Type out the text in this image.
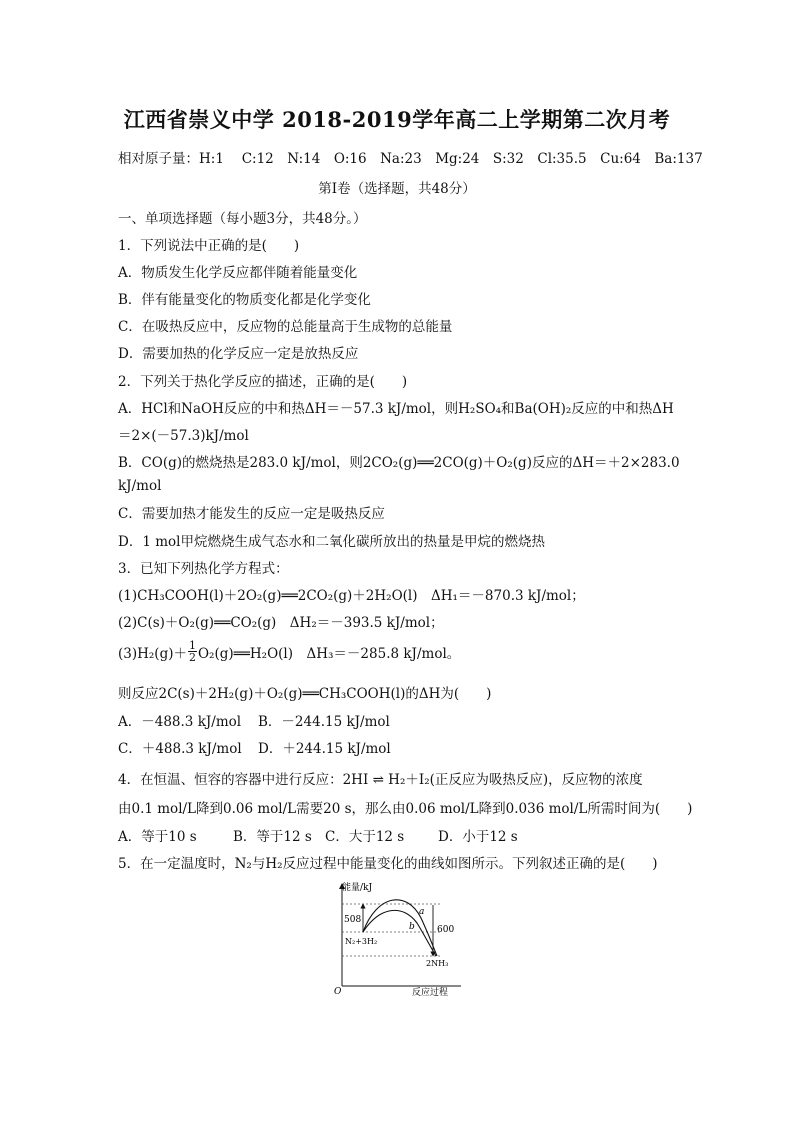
江西省崇义中学 2018-2019学年高二上学期第二次月考
相对原子量：H:1　 C:12　N:14　O:16　Na:23　Mg:24　S:32　Cl:35.5　Cu:64　Ba:137
第Ⅰ卷（选择题，共48分）
一、单项选择题（每小题3分，共48分。）
1．下列说法中正确的是(　　)
A．物质发生化学反应都伴随着能量变化
B．伴有能量变化的物质变化都是化学变化
C．在吸热反应中，反应物的总能量高于生成物的总能量
D．需要加热的化学反应一定是放热反应
2．下列关于热化学反应的描述，正确的是(　　)
A．HCl和NaOH反应的中和热ΔH＝－57.3 kJ/mol，则H₂SO₄和Ba(OH)₂反应的中和热ΔH
＝2×(－57.3)kJ/mol
B．CO(g)的燃烧热是283.0 kJ/mol，则2CO₂(g)══2CO(g)＋O₂(g)反应的ΔH＝＋2×283.0
kJ/mol
C．需要加热才能发生的反应一定是吸热反应
D．1 mol甲烷燃烧生成气态水和二氧化碳所放出的热量是甲烷的燃烧热
3．已知下列热化学方程式：
(1)CH₃COOH(l)＋2O₂(g)══2CO₂(g)＋2H₂O(l)　ΔH₁＝－870.3 kJ/mol；
(2)C(s)＋O₂(g)══CO₂(g)　ΔH₂＝－393.5 kJ/mol；
$(3)H_2(g)+ \frac{1}{2}$ O₂(g)══H₂O(l)　ΔH₃＝－285.8 kJ/mol。
则反应2C(s)＋2H₂(g)＋O₂(g)══CH₃COOH(l)的ΔH为(　　)
A．－488.3 kJ/mol B．－244.15 kJ/mol
C．＋488.3 kJ/mol D．＋244.15 kJ/mol
4．在恒温、恒容的容器中进行反应：2HI ⇌ H₂＋I₂(正反应为吸热反应)，反应物的浓度
由0.1 mol/L降到0.06 mol/L需要20 s，那么由0.06 mol/L降到0.036 mol/L所需时间为(　　)
A．等于10 s	B．等于12 s C．大于12 s	D．小于12 s
5．在一定温度时，N₂与H₂反应过程中能量变化的曲线如图所示。下列叙述正确的是(　　)
能量/kJ
508
600
N₂+3H₂
2NH₃
a
b
O	反应过程
